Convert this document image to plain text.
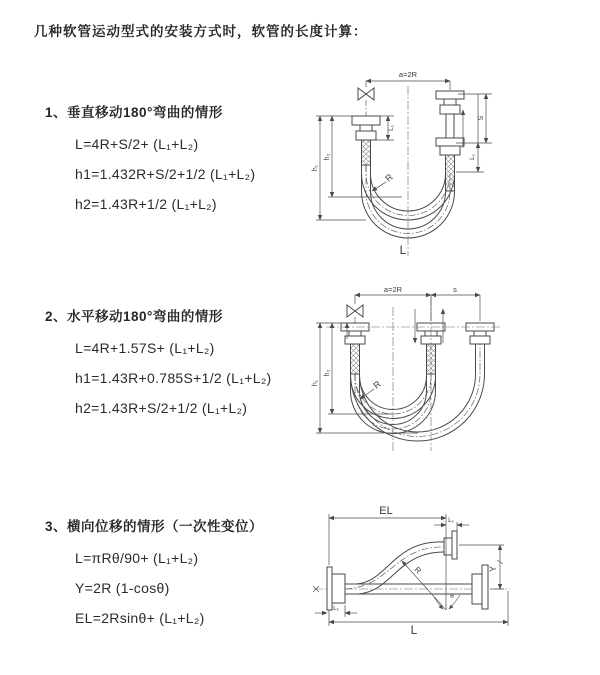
几种软管运动型式的安装方式时，软管的长度计算：
1、垂直移动180°弯曲的情形
L=4R+S/2+ (L₁+L₂)
h1=1.432R+S/2+1/2 (L₁+L₂)
h2=1.43R+1/2 (L₁+L₂)
2、水平移动180°弯曲的情形
L=4R+1.57S+ (L₁+L₂)
h1=1.43R+0.785S+1/2 (L₁+L₂)
h2=1.43R+S/2+1/2 (L₁+L₂)
3、横向位移的情形（一次性变位）
L=πRθ/90+ (L₁+L₂)
Y=2R (1-cosθ)
EL=2Rsinθ+ (L₁+L₂)
a=2R
h₁
h₂
L₁
S
L₁
R
L
a=2R	s
h₁
h₂
R
EL
L₁
Y
R
θ
L
L₁
